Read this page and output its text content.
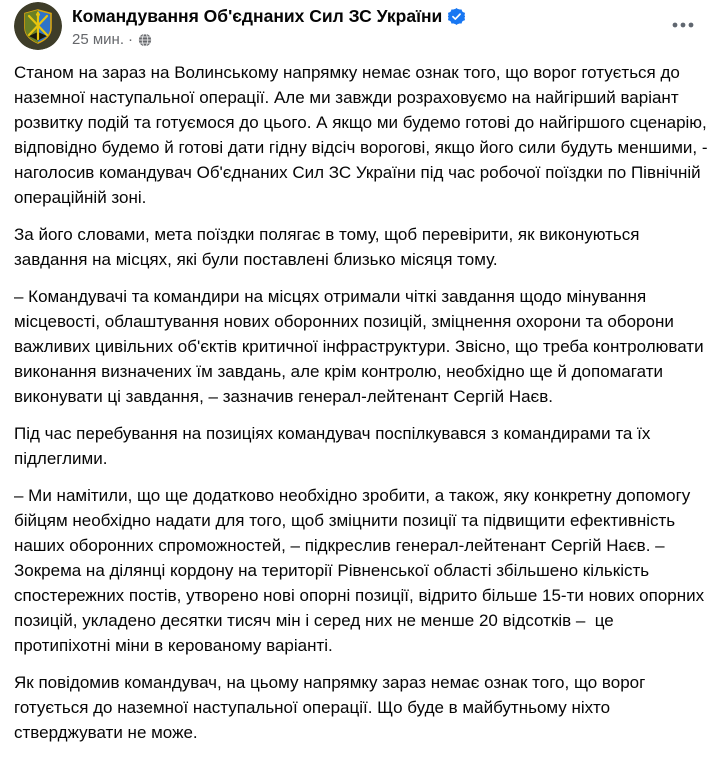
Командування Об'єднаних Сил ЗС України
25 мин. ·

Станом на зараз на Волинському напрямку немає ознак того, що ворог готується до наземної наступальної операції. Але ми завжди розраховуємо на найгірший варіант розвитку подій та готуємося до цього. А якщо ми будемо готові до найгіршого сценарію, відповідно будемо й готові дати гідну відсіч ворогові, якщо його сили будуть меншими, - наголосив командувач Об'єднаних Сил ЗС України під час робочої поїздки по Північній операційній зоні.

За його словами, мета поїздки полягає в тому, щоб перевірити, як виконуються завдання на місцях, які були поставлені близько місяця тому.

– Командувачі та командири на місцях отримали чіткі завдання щодо мінування місцевості, облаштування нових оборонних позицій, зміцнення охорони та оборони важливих цивільних об'єктів критичної інфраструктури. Звісно, що треба контролювати виконання визначених їм завдань, але крім контролю, необхідно ще й допомагати виконувати ці завдання, – зазначив генерал-лейтенант Сергій Наєв.

Під час перебування на позиціях командувач поспілкувався з командирами та їх підлеглими.

– Ми намітили, що ще додатково необхідно зробити, а також, яку конкретну допомогу бійцям необхідно надати для того, щоб зміцнити позиції та підвищити ефективність наших оборонних спроможностей, – підкреслив генерал-лейтенант Сергій Наєв. – Зокрема на ділянці кордону на території Рівненської області збільшено кількість спостережних постів, утворено нові опорні позиції, відрито більше 15-ти нових опорних позицій, укладено десятки тисяч мін і серед них не менше 20 відсотків –  це протипіхотні міни в керованому варіанті.

Як повідомив командувач, на цьому напрямку зараз немає ознак того, що ворог готується до наземної наступальної операції. Що буде в майбутньому ніхто стверджувати не може.
